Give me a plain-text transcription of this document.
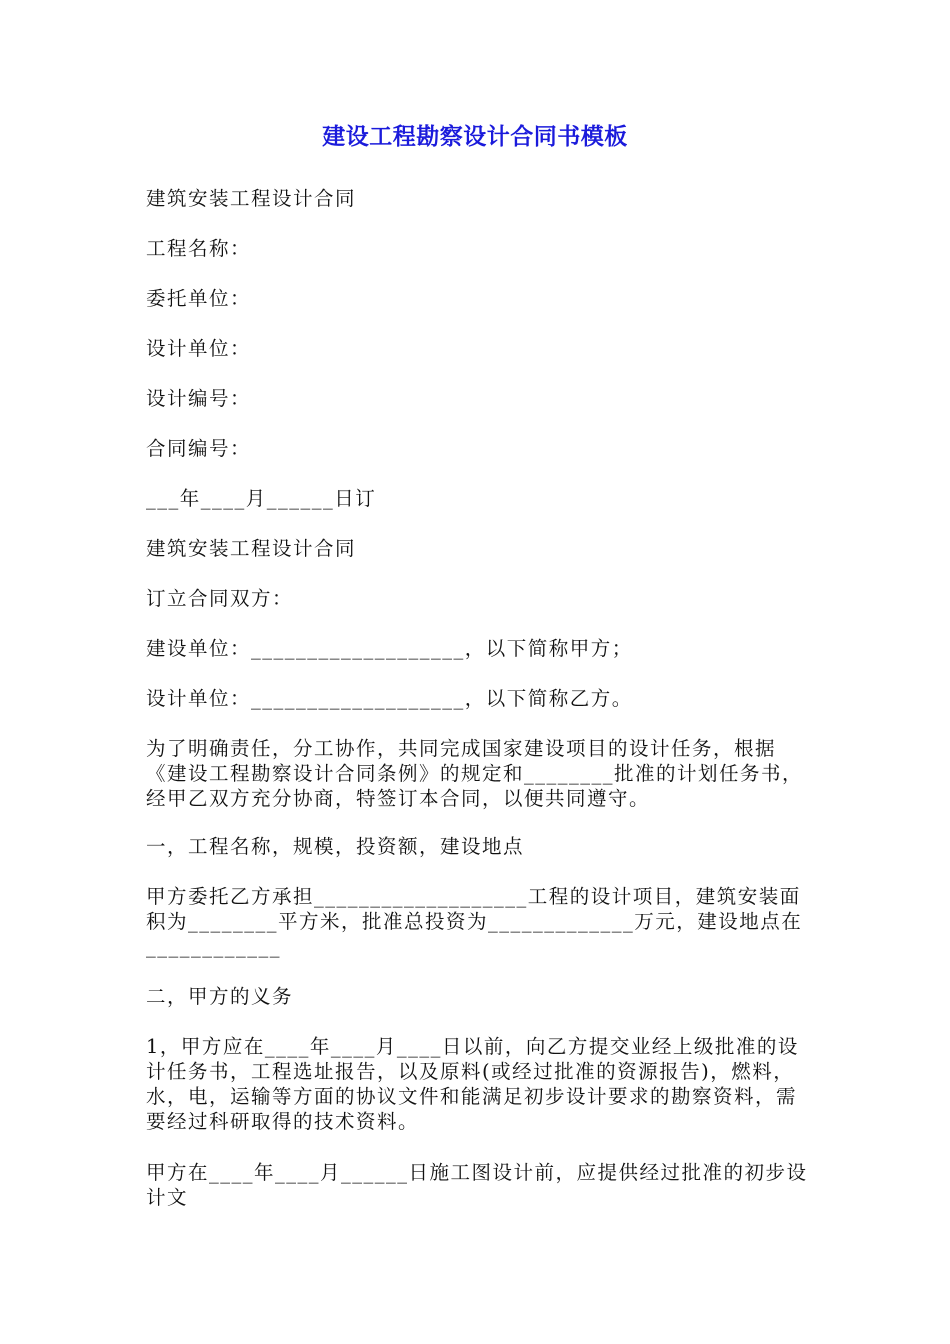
建设工程勘察设计合同书模板

建筑安装工程设计合同

工程名称：

委托单位：

设计单位：

设计编号：

合同编号：

___年____月______日订

建筑安装工程设计合同

订立合同双方：

建设单位：___________________，以下简称甲方；

设计单位：___________________，以下简称乙方。

为了明确责任，分工协作，共同完成国家建设项目的设计任务，根据《建设工程勘察设计合同条例》的规定和________批准的计划任务书，经甲乙双方充分协商，特签订本合同，以便共同遵守。

一，工程名称，规模，投资额，建设地点

甲方委托乙方承担___________________工程的设计项目，建筑安装面积为________平方米，批准总投资为_____________万元，建设地点在____________

二，甲方的义务

1，甲方应在____年____月____日以前，向乙方提交业经上级批准的设计任务书，工程选址报告，以及原料(或经过批准的资源报告)，燃料，水，电，运输等方面的协议文件和能满足初步设计要求的勘察资料，需要经过科研取得的技术资料。

甲方在____年____月______日施工图设计前，应提供经过批准的初步设计文
